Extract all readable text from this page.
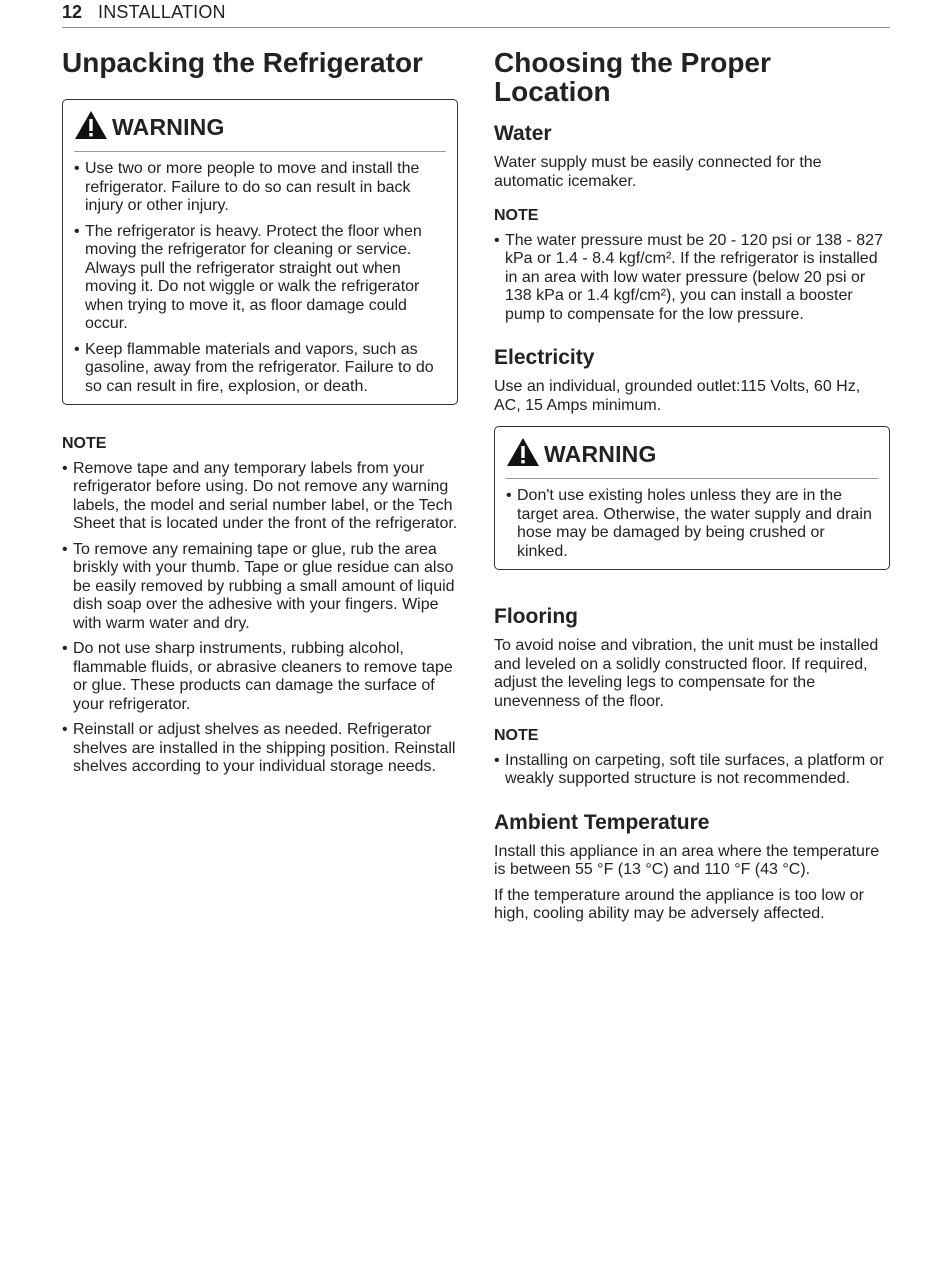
12 INSTALLATION
Unpacking the Refrigerator
WARNING
• Use two or more people to move and install the refrigerator. Failure to do so can result in back injury or other injury.
• The refrigerator is heavy. Protect the floor when moving the refrigerator for cleaning or service. Always pull the refrigerator straight out when moving it. Do not wiggle or walk the refrigerator when trying to move it, as floor damage could occur.
• Keep flammable materials and vapors, such as gasoline, away from the refrigerator. Failure to do so can result in fire, explosion, or death.

NOTE

• Remove tape and any temporary labels from your refrigerator before using. Do not remove any warning labels, the model and serial number label, or the Tech Sheet that is located under the front of the refrigerator.
• To remove any remaining tape or glue, rub the area briskly with your thumb. Tape or glue residue can also be easily removed by rubbing a small amount of liquid dish soap over the adhesive with your fingers. Wipe with warm water and dry.
• Do not use sharp instruments, rubbing alcohol, flammable fluids, or abrasive cleaners to remove tape or glue. These products can damage the surface of your refrigerator.
• Reinstall or adjust shelves as needed. Refrigerator shelves are installed in the shipping position. Reinstall shelves according to your individual storage needs.
Choosing the Proper Location
Water

Water supply must be easily connected for the automatic icemaker.

NOTE

• The water pressure must be 20 - 120 psi or 138 - 827 kPa or 1.4 - 8.4 kgf/cm². If the refrigerator is installed in an area with low water pressure (below 20 psi or 138 kPa or 1.4 kgf/cm²), you can install a booster pump to compensate for the low pressure.
Electricity

Use an individual, grounded outlet:115 Volts, 60 Hz, AC, 15 Amps minimum.

WARNING
• Don't use existing holes unless they are in the target area. Otherwise, the water supply and drain hose may be damaged by being crushed or kinked.
Flooring

To avoid noise and vibration, the unit must be installed and leveled on a solidly constructed floor. If required, adjust the leveling legs to compensate for the unevenness of the floor.

NOTE

• Installing on carpeting, soft tile surfaces, a platform or weakly supported structure is not recommended.
Ambient Temperature

Install this appliance in an area where the temperature is between 55 °F (13 °C) and 110 °F (43 °C).

If the temperature around the appliance is too low or high, cooling ability may be adversely affected.
